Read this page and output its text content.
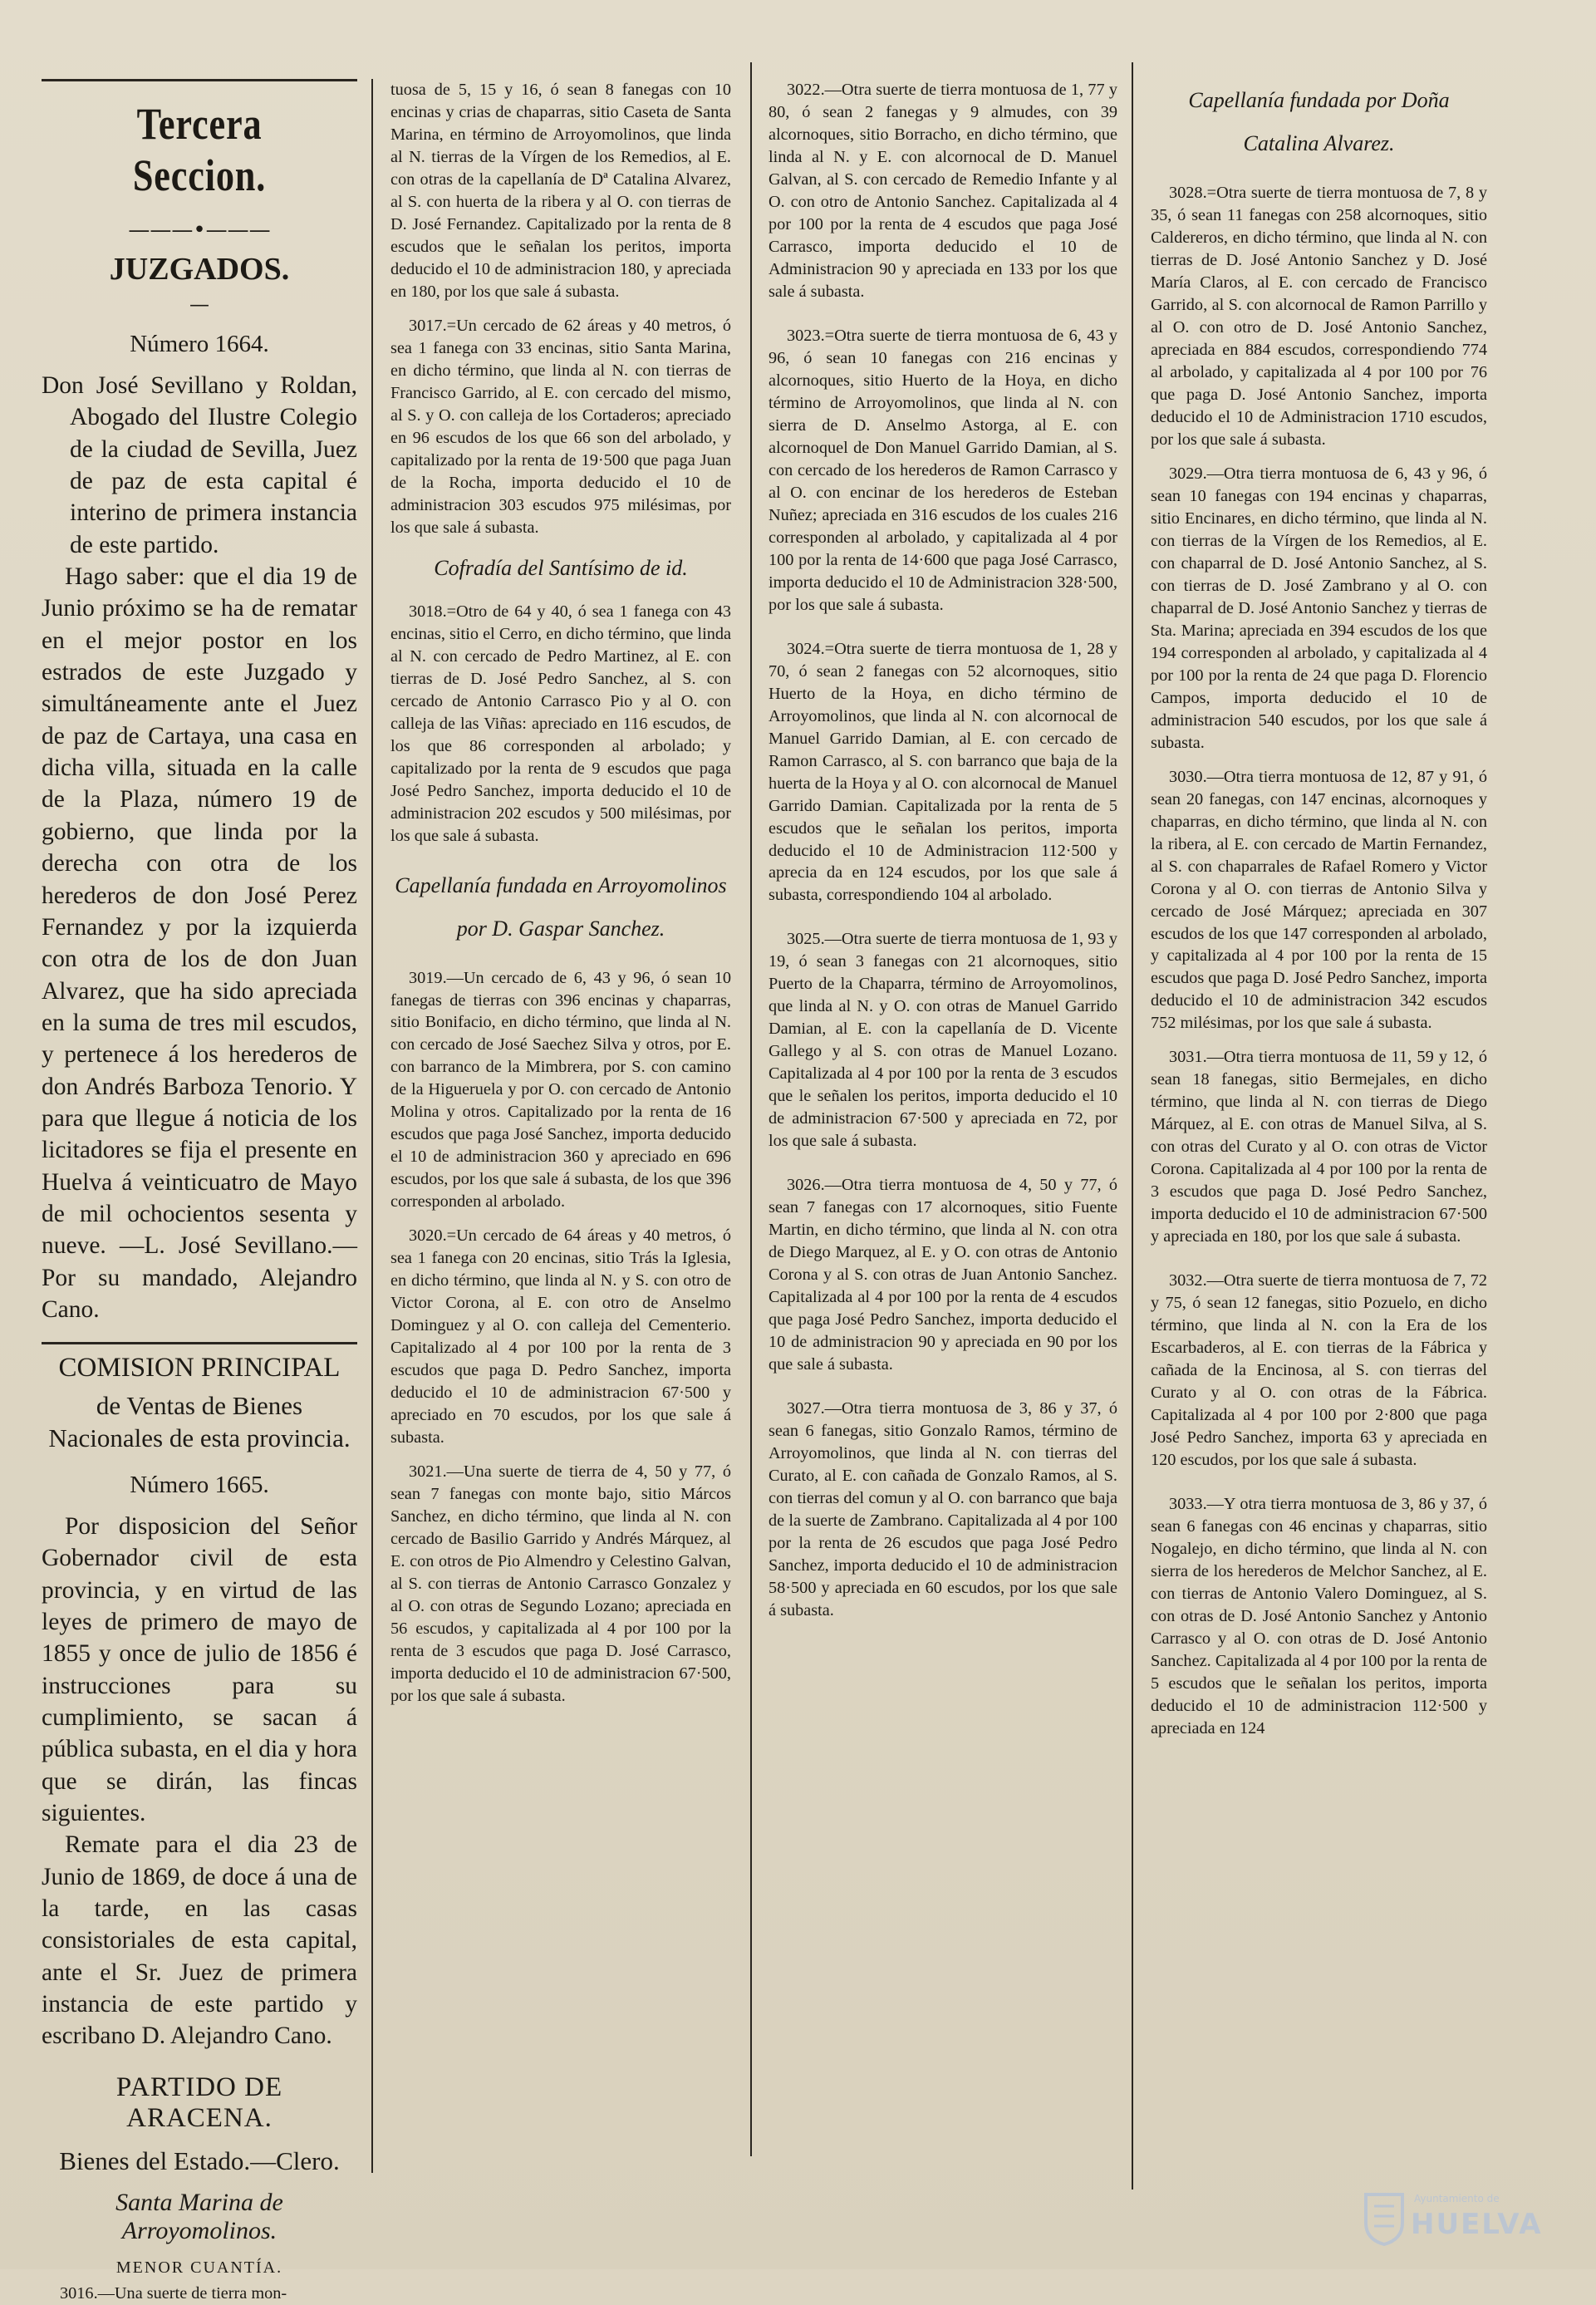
Tercera Seccion.
———•———
JUZGADOS.
—
Número 1664.

Don José Sevillano y Roldan, Abogado del Ilustre Colegio de la ciudad de Sevilla, Juez de paz de esta capital é interino de primera instancia de este partido.

Hago saber: que el dia 19 de Junio próximo se ha de rematar en el mejor postor en los estrados de este Juzgado y simultáneamente ante el Juez de paz de Cartaya, una casa en dicha villa, situada en la calle de la Plaza, número 19 de gobierno, que linda por la derecha con otra de los herederos de don José Perez Fernandez y por la izquierda con otra de los de don Juan Alvarez, que ha sido apreciada en la suma de tres mil escudos, y pertenece á los herederos de don Andrés Barboza Tenorio. Y para que llegue á noticia de los licitadores se fija el presente en Huelva á veinticuatro de Mayo de mil ochocientos sesenta y nueve. —L. José Sevillano.—Por su mandado, Alejandro Cano.

COMISION PRINCIPAL
de Ventas de Bienes Nacionales de esta provincia.
Número 1665.

Por disposicion del Señor Gobernador civil de esta provincia, y en virtud de las leyes de primero de mayo de 1855 y once de julio de 1856 é instrucciones para su cumplimiento, se sacan á pública subasta, en el dia y hora que se dirán, las fincas siguientes.

Remate para el dia 23 de Junio de 1869, de doce á una de la tarde, en las casas consistoriales de esta capital, ante el Sr. Juez de primera instancia de este partido y escribano D. Alejandro Cano.

PARTIDO DE ARACENA.
Bienes del Estado.—Clero.
Santa Marina de Arroyomolinos.
MENOR CUANTÍA.
3016.—Una suerte de tierra mon-
tuosa de 5, 15 y 16, ó sean 8 fanegas con 10 encinas y crias de chaparras, sitio Caseta de Santa Marina, en término de Arroyomolinos, que linda al N. tierras de la Vírgen de los Remedios, al E. con otras de la capellanía de Dª Catalina Alvarez, al S. con huerta de la ribera y al O. con tierras de D. José Fernandez. Capitalizado por la renta de 8 escudos que le señalan los peritos, importa deducido el 10 de administracion 180, y apreciada en 180, por los que sale á subasta.
3017.=Un cercado de 62 áreas y 40 metros, ó sea 1 fanega con 33 encinas, sitio Santa Marina, en dicho término, que linda al N. con tierras de Francisco Garrido, al E. con cercado del mismo, al S. y O. con calleja de los Cortaderos; apreciado en 96 escudos de los que 66 son del arbolado, y capitalizado por la renta de 19·500 que paga Juan de la Rocha, importa deducido el 10 de administracion 303 escudos 975 milésimas, por los que sale á subasta.
Cofradía del Santísimo de id.
3018.=Otro de 64 y 40, ó sea 1 fanega con 43 encinas, sitio el Cerro, en dicho término, que linda al N. con cercado de Pedro Martinez, al E. con tierras de D. José Pedro Sanchez, al S. con cercado de Antonio Carrasco Pio y al O. con calleja de las Viñas: apreciado en 116 escudos, de los que 86 corresponden al arbolado; y capitalizado por la renta de 9 escudos que paga José Pedro Sanchez, importa deducido el 10 de administracion 202 escudos y 500 milésimas, por los que sale á subasta.
Capellanía fundada en Arroyomolinos por D. Gaspar Sanchez.
3019.—Un cercado de 6, 43 y 96, ó sean 10 fanegas de tierras con 396 encinas y chaparras, sitio Bonifacio, en dicho término, que linda al N. con cercado de José Saechez Silva y otros, por E. con barranco de la Mimbrera, por S. con camino de la Higueruela y por O. con cercado de Antonio Molina y otros. Capitalizado por la renta de 16 escudos que paga José Sanchez, importa deducido el 10 de administracion 360 y apreciado en 696 escudos, por los que sale á subasta, de los que 396 corresponden al arbolado.
3020.=Un cercado de 64 áreas y 40 metros, ó sea 1 fanega con 20 encinas, sitio Trás la Iglesia, en dicho término, que linda al N. y S. con otro de Victor Corona, al E. con otro de Anselmo Dominguez y al O. con calleja del Cementerio. Capitalizado al 4 por 100 por la renta de 3 escudos que paga D. Pedro Sanchez, importa deducido el 10 de administracion 67·500 y apreciado en 70 escudos, por los que sale á subasta.
3021.—Una suerte de tierra de 4, 50 y 77, ó sean 7 fanegas con monte bajo, sitio Márcos Sanchez, en dicho término, que linda al N. con cercado de Basilio Garrido y Andrés Márquez, al E. con otros de Pio Almendro y Celestino Galvan, al S. con tierras de Antonio Carrasco Gonzalez y al O. con otras de Segundo Lozano; apreciada en 56 escudos, y capitalizada al 4 por 100 por la renta de 3 escudos que paga D. José Carrasco, importa deducido el 10 de administracion 67·500, por los que sale á subasta.
3022.—Otra suerte de tierra montuosa de 1, 77 y 80, ó sean 2 fanegas y 9 almudes, con 39 alcornoques, sitio Borracho, en dicho término, que linda al N. y E. con alcornocal de D. Manuel Galvan, al S. con cercado de Remedio Infante y al O. con otro de Antonio Sanchez. Capitalizada al 4 por 100 por la renta de 4 escudos que paga José Carrasco, importa deducido el 10 de Administracion 90 y apreciada en 133 por los que sale á subasta.
3023.=Otra suerte de tierra montuosa de 6, 43 y 96, ó sean 10 fanegas con 216 encinas y alcornoques, sitio Huerto de la Hoya, en dicho término de Arroyomolinos, que linda al N. con sierra de D. Anselmo Astorga, al E. con alcornoquel de Don Manuel Garrido Damian, al S. con cercado de los herederos de Ramon Carrasco y al O. con encinar de los herederos de Esteban Nuñez; apreciada en 316 escudos de los cuales 216 corresponden al arbolado, y capitalizada al 4 por 100 por la renta de 14·600 que paga José Carrasco, importa deducido el 10 de Administracion 328·500, por los que sale á subasta.
3024.=Otra suerte de tierra montuosa de 1, 28 y 70, ó sean 2 fanegas con 52 alcornoques, sitio Huerto de la Hoya, en dicho término de Arroyomolinos, que linda al N. con alcornocal de Manuel Garrido Damian, al E. con cercado de Ramon Carrasco, al S. con barranco que baja de la huerta de la Hoya y al O. con alcornocal de Manuel Garrido Damian. Capitalizada por la renta de 5 escudos que le señalan los peritos, importa deducido el 10 de Administracion 112·500 y aprecia da en 124 escudos, por los que sale á subasta, correspondiendo 104 al arbolado.
3025.—Otra suerte de tierra montuosa de 1, 93 y 19, ó sean 3 fanegas con 21 alcornoques, sitio Puerto de la Chaparra, término de Arroyomolinos, que linda al N. y O. con otras de Manuel Garrido Damian, al E. con la capellanía de D. Vicente Gallego y al S. con otras de Manuel Lozano. Capitalizada al 4 por 100 por la renta de 3 escudos que le señalen los peritos, importa deducido el 10 de administracion 67·500 y apreciada en 72, por los que sale á subasta.
3026.—Otra tierra montuosa de 4, 50 y 77, ó sean 7 fanegas con 17 alcornoques, sitio Fuente Martin, en dicho término, que linda al N. con otra de Diego Marquez, al E. y O. con otras de Antonio Corona y al S. con otras de Juan Antonio Sanchez. Capitalizada al 4 por 100 por la renta de 4 escudos que paga José Pedro Sanchez, importa deducido el 10 de administracion 90 y apreciada en 90 por los que sale á subasta.
3027.—Otra tierra montuosa de 3, 86 y 37, ó sean 6 fanegas, sitio Gonzalo Ramos, término de Arroyomolinos, que linda al N. con tierras del Curato, al E. con cañada de Gonzalo Ramos, al S. con tierras del comun y al O. con barranco que baja de la suerte de Zambrano. Capitalizada al 4 por 100 por la renta de 26 escudos que paga José Pedro Sanchez, importa deducido el 10 de administracion 58·500 y apreciada en 60 escudos, por los que sale á subasta.
Capellanía fundada por Doña Catalina Alvarez.
3028.=Otra suerte de tierra montuosa de 7, 8 y 35, ó sean 11 fanegas con 258 alcornoques, sitio Caldereros, en dicho término, que linda al N. con tierras de D. José Antonio Sanchez y D. José María Claros, al E. con cercado de Francisco Garrido, al S. con alcornocal de Ramon Parrillo y al O. con otro de D. José Antonio Sanchez, apreciada en 884 escudos, correspondiendo 774 al arbolado, y capitalizada al 4 por 100 por 76 que paga D. José Antonio Sanchez, importa deducido el 10 de Administracion 1710 escudos, por los que sale á subasta.
3029.—Otra tierra montuosa de 6, 43 y 96, ó sean 10 fanegas con 194 encinas y chaparras, sitio Encinares, en dicho término, que linda al N. con tierras de la Vírgen de los Remedios, al E. con chaparral de D. José Antonio Sanchez, al S. con tierras de D. José Zambrano y al O. con chaparral de D. José Antonio Sanchez y tierras de Sta. Marina; apreciada en 394 escudos de los que 194 corresponden al arbolado, y capitalizada al 4 por 100 por la renta de 24 que paga D. Florencio Campos, importa deducido el 10 de administracion 540 escudos, por los que sale á subasta.
3030.—Otra tierra montuosa de 12, 87 y 91, ó sean 20 fanegas, con 147 encinas, alcornoques y chaparras, en dicho término, que linda al N. con la ribera, al E. con cercado de Martin Fernandez, al S. con chaparrales de Rafael Romero y Victor Corona y al O. con tierras de Antonio Silva y cercado de José Márquez; apreciada en 307 escudos de los que 147 corresponden al arbolado, y capitalizada al 4 por 100 por la renta de 15 escudos que paga D. José Pedro Sanchez, importa deducido el 10 de administracion 342 escudos 752 milésimas, por los que sale á subasta.
3031.—Otra tierra montuosa de 11, 59 y 12, ó sean 18 fanegas, sitio Bermejales, en dicho término, que linda al N. con tierras de Diego Márquez, al E. con otras de Manuel Silva, al S. con otras del Curato y al O. con otras de Victor Corona. Capitalizada al 4 por 100 por la renta de 3 escudos que paga D. José Pedro Sanchez, importa deducido el 10 de administracion 67·500 y apreciada en 180, por los que sale á subasta.
3032.—Otra suerte de tierra montuosa de 7, 72 y 75, ó sean 12 fanegas, sitio Pozuelo, en dicho término, que linda al N. con la Era de los Escarbaderos, al E. con tierras de la Fábrica y cañada de la Encinosa, al S. con tierras del Curato y al O. con otras de la Fábrica. Capitalizada al 4 por 100 por 2·800 que paga José Pedro Sanchez, importa 63 y apreciada en 120 escudos, por los que sale á subasta.
3033.—Y otra tierra montuosa de 3, 86 y 37, ó sean 6 fanegas con 46 encinas y chaparras, sitio Nogalejo, en dicho término, que linda al N. con sierra de los herederos de Melchor Sanchez, al E. con tierras de Antonio Valero Dominguez, al S. con otras de D. José Antonio Sanchez y Antonio Carrasco y al O. con otras de D. José Antonio Sanchez. Capitalizada al 4 por 100 por la renta de 5 escudos que le señalan los peritos, importa deducido el 10 de administracion 112·500 y apreciada en 124
Ayuntamiento de
HUELVA
